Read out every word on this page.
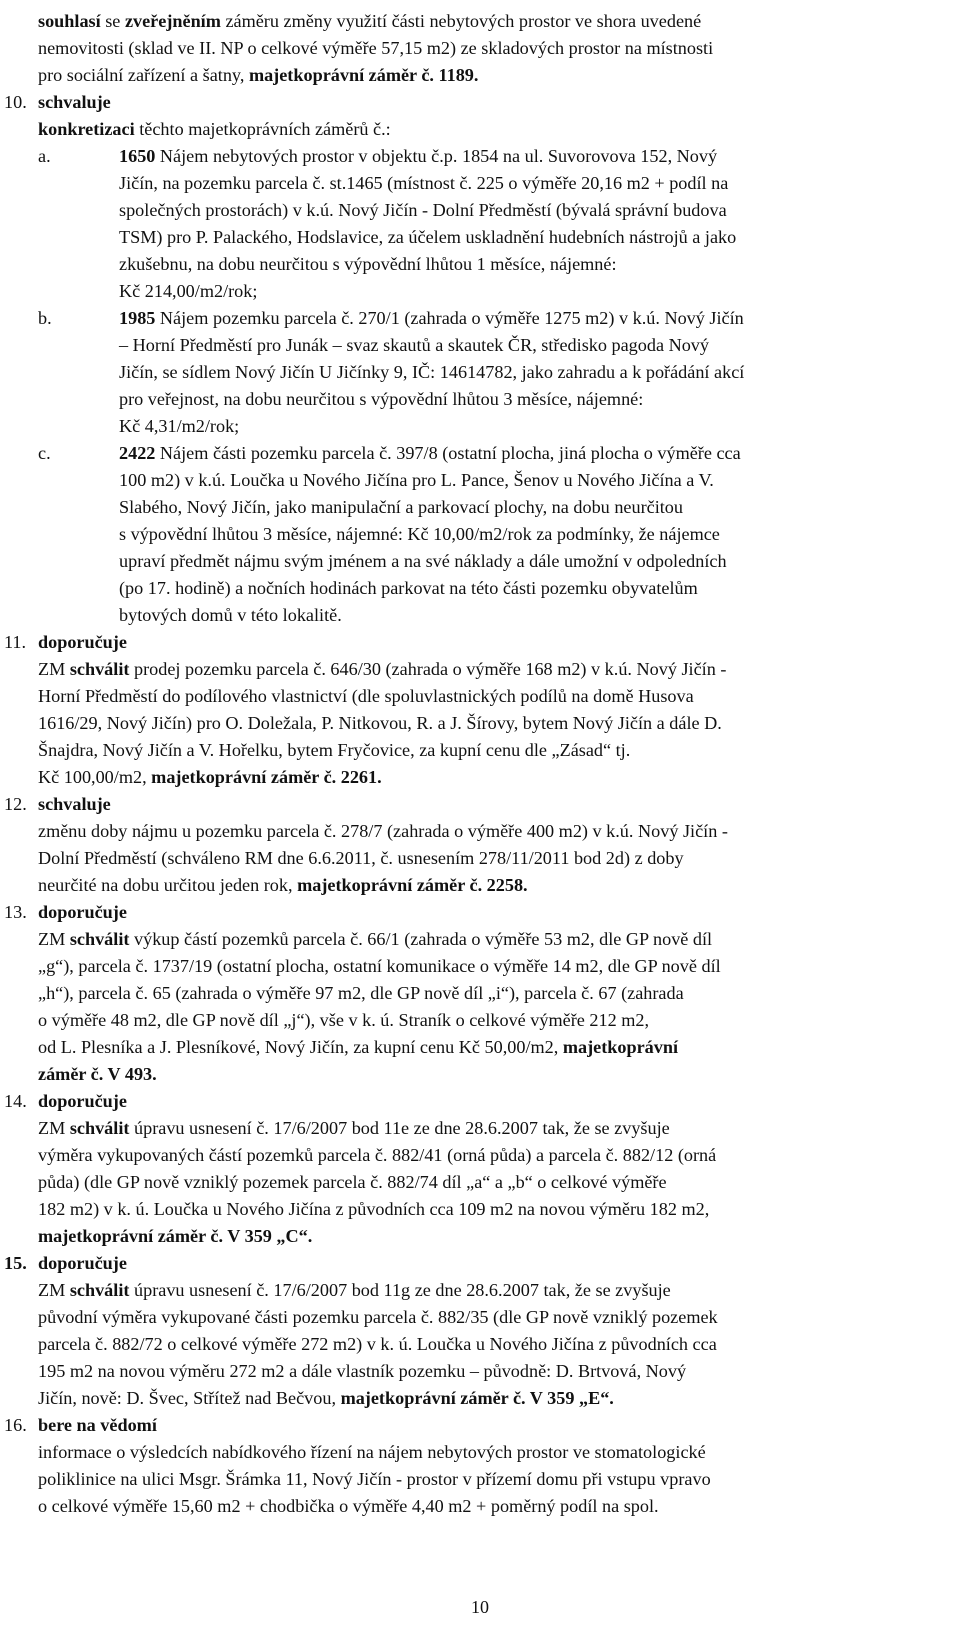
souhlasí se zveřejněním záměru změny využití části nebytových prostor ve shora uvedené
nemovitosti (sklad ve II. NP o celkové výměře 57,15 m2) ze skladových prostor na místnosti
pro sociální zařízení a šatny, majetkoprávní záměr č. 1189.
10. schvaluje
konkretizaci těchto majetkoprávních záměrů č.:
a.	1650 Nájem nebytových prostor v objektu č.p. 1854 na ul. Suvorovova 152, Nový
Jičín, na pozemku parcela č. st.1465 (místnost č. 225 o výměře 20,16 m2 + podíl na
společných prostorách) v k.ú. Nový Jičín - Dolní Předměstí (bývalá správní budova
TSM) pro P. Palackého, Hodslavice, za účelem uskladnění hudebních nástrojů a jako
zkušebnu, na dobu neurčitou s výpovědní lhůtou 1 měsíce, nájemné:
Kč 214,00/m2/rok;
b.	1985 Nájem pozemku parcela č. 270/1 (zahrada o výměře 1275 m2) v k.ú. Nový Jičín
– Horní Předměstí pro Junák – svaz skautů a skautek ČR, středisko pagoda Nový
Jičín, se sídlem Nový Jičín U Jičínky 9, IČ: 14614782, jako zahradu a k pořádání akcí
pro veřejnost, na dobu neurčitou s výpovědní lhůtou 3 měsíce, nájemné:
Kč 4,31/m2/rok;
c.	2422 Nájem části pozemku parcela č. 397/8 (ostatní plocha, jiná plocha o výměře cca
100 m2) v k.ú. Loučka u Nového Jičína pro L. Pance, Šenov u Nového Jičína a V.
Slabého, Nový Jičín, jako manipulační a parkovací plochy, na dobu neurčitou
s výpovědní lhůtou 3 měsíce, nájemné: Kč 10,00/m2/rok za podmínky, že nájemce
upraví předmět nájmu svým jménem a na své náklady a dále umožní v odpoledních
(po 17. hodině) a nočních hodinách parkovat na této části pozemku obyvatelům
bytových domů v této lokalitě.
11. doporučuje
ZM schválit prodej pozemku parcela č. 646/30 (zahrada o výměře 168 m2) v k.ú. Nový Jičín -
Horní Předměstí do podílového vlastnictví (dle spoluvlastnických podílů na domě Husova
1616/29, Nový Jičín) pro O. Doležala, P. Nitkovou, R. a J. Šírovy, bytem Nový Jičín a dále D.
Šnajdra, Nový Jičín a V. Hořelku, bytem Fryčovice, za kupní cenu dle „Zásad“ tj.
Kč 100,00/m2, majetkoprávní záměr č. 2261.
12. schvaluje
změnu doby nájmu u pozemku parcela č. 278/7 (zahrada o výměře 400 m2) v k.ú. Nový Jičín -
Dolní Předměstí (schváleno RM dne 6.6.2011, č. usnesením 278/11/2011 bod 2d) z doby
neurčité na dobu určitou jeden rok, majetkoprávní záměr č. 2258.
13. doporučuje
ZM schválit výkup částí pozemků parcela č. 66/1 (zahrada o výměře 53 m2, dle GP nově díl
„g“), parcela č. 1737/19 (ostatní plocha, ostatní komunikace o výměře 14 m2, dle GP nově díl
„h“), parcela č. 65 (zahrada o výměře 97 m2, dle GP nově díl „i“), parcela č. 67 (zahrada
o výměře 48 m2, dle GP nově díl „j“), vše v k. ú. Straník o celkové výměře 212 m2,
od L. Plesníka a J. Plesníkové, Nový Jičín, za kupní cenu Kč 50,00/m2, majetkoprávní
záměr č. V 493.
14. doporučuje
ZM schválit úpravu usnesení č. 17/6/2007 bod 11e ze dne 28.6.2007 tak, že se zvyšuje
výměra vykupovaných částí pozemků parcela č. 882/41 (orná půda) a parcela č. 882/12 (orná
půda) (dle GP nově vzniklý pozemek parcela č. 882/74 díl „a“ a „b“ o celkové výměře
182 m2) v k. ú. Loučka u Nového Jičína z původních cca 109 m2 na novou výměru 182 m2,
majetkoprávní záměr č. V 359 „C“.
15. doporučuje
ZM schválit úpravu usnesení č. 17/6/2007 bod 11g ze dne 28.6.2007 tak, že se zvyšuje
původní výměra vykupované části pozemku parcela č. 882/35 (dle GP nově vzniklý pozemek
parcela č. 882/72 o celkové výměře 272 m2) v k. ú. Loučka u Nového Jičína z původních cca
195 m2 na novou výměru 272 m2 a dále vlastník pozemku – původně: D. Brtvová, Nový
Jičín, nově: D. Švec, Střítež nad Bečvou, majetkoprávní záměr č. V 359 „E“.
16. bere na vědomí
informace o výsledcích nabídkového řízení na nájem nebytových prostor ve stomatologické
poliklinice na ulici Msgr. Šrámka 11, Nový Jičín - prostor v přízemí domu při vstupu vpravo
o celkové výměře 15,60 m2 + chodbička o výměře 4,40 m2 + poměrný podíl na spol.
10
